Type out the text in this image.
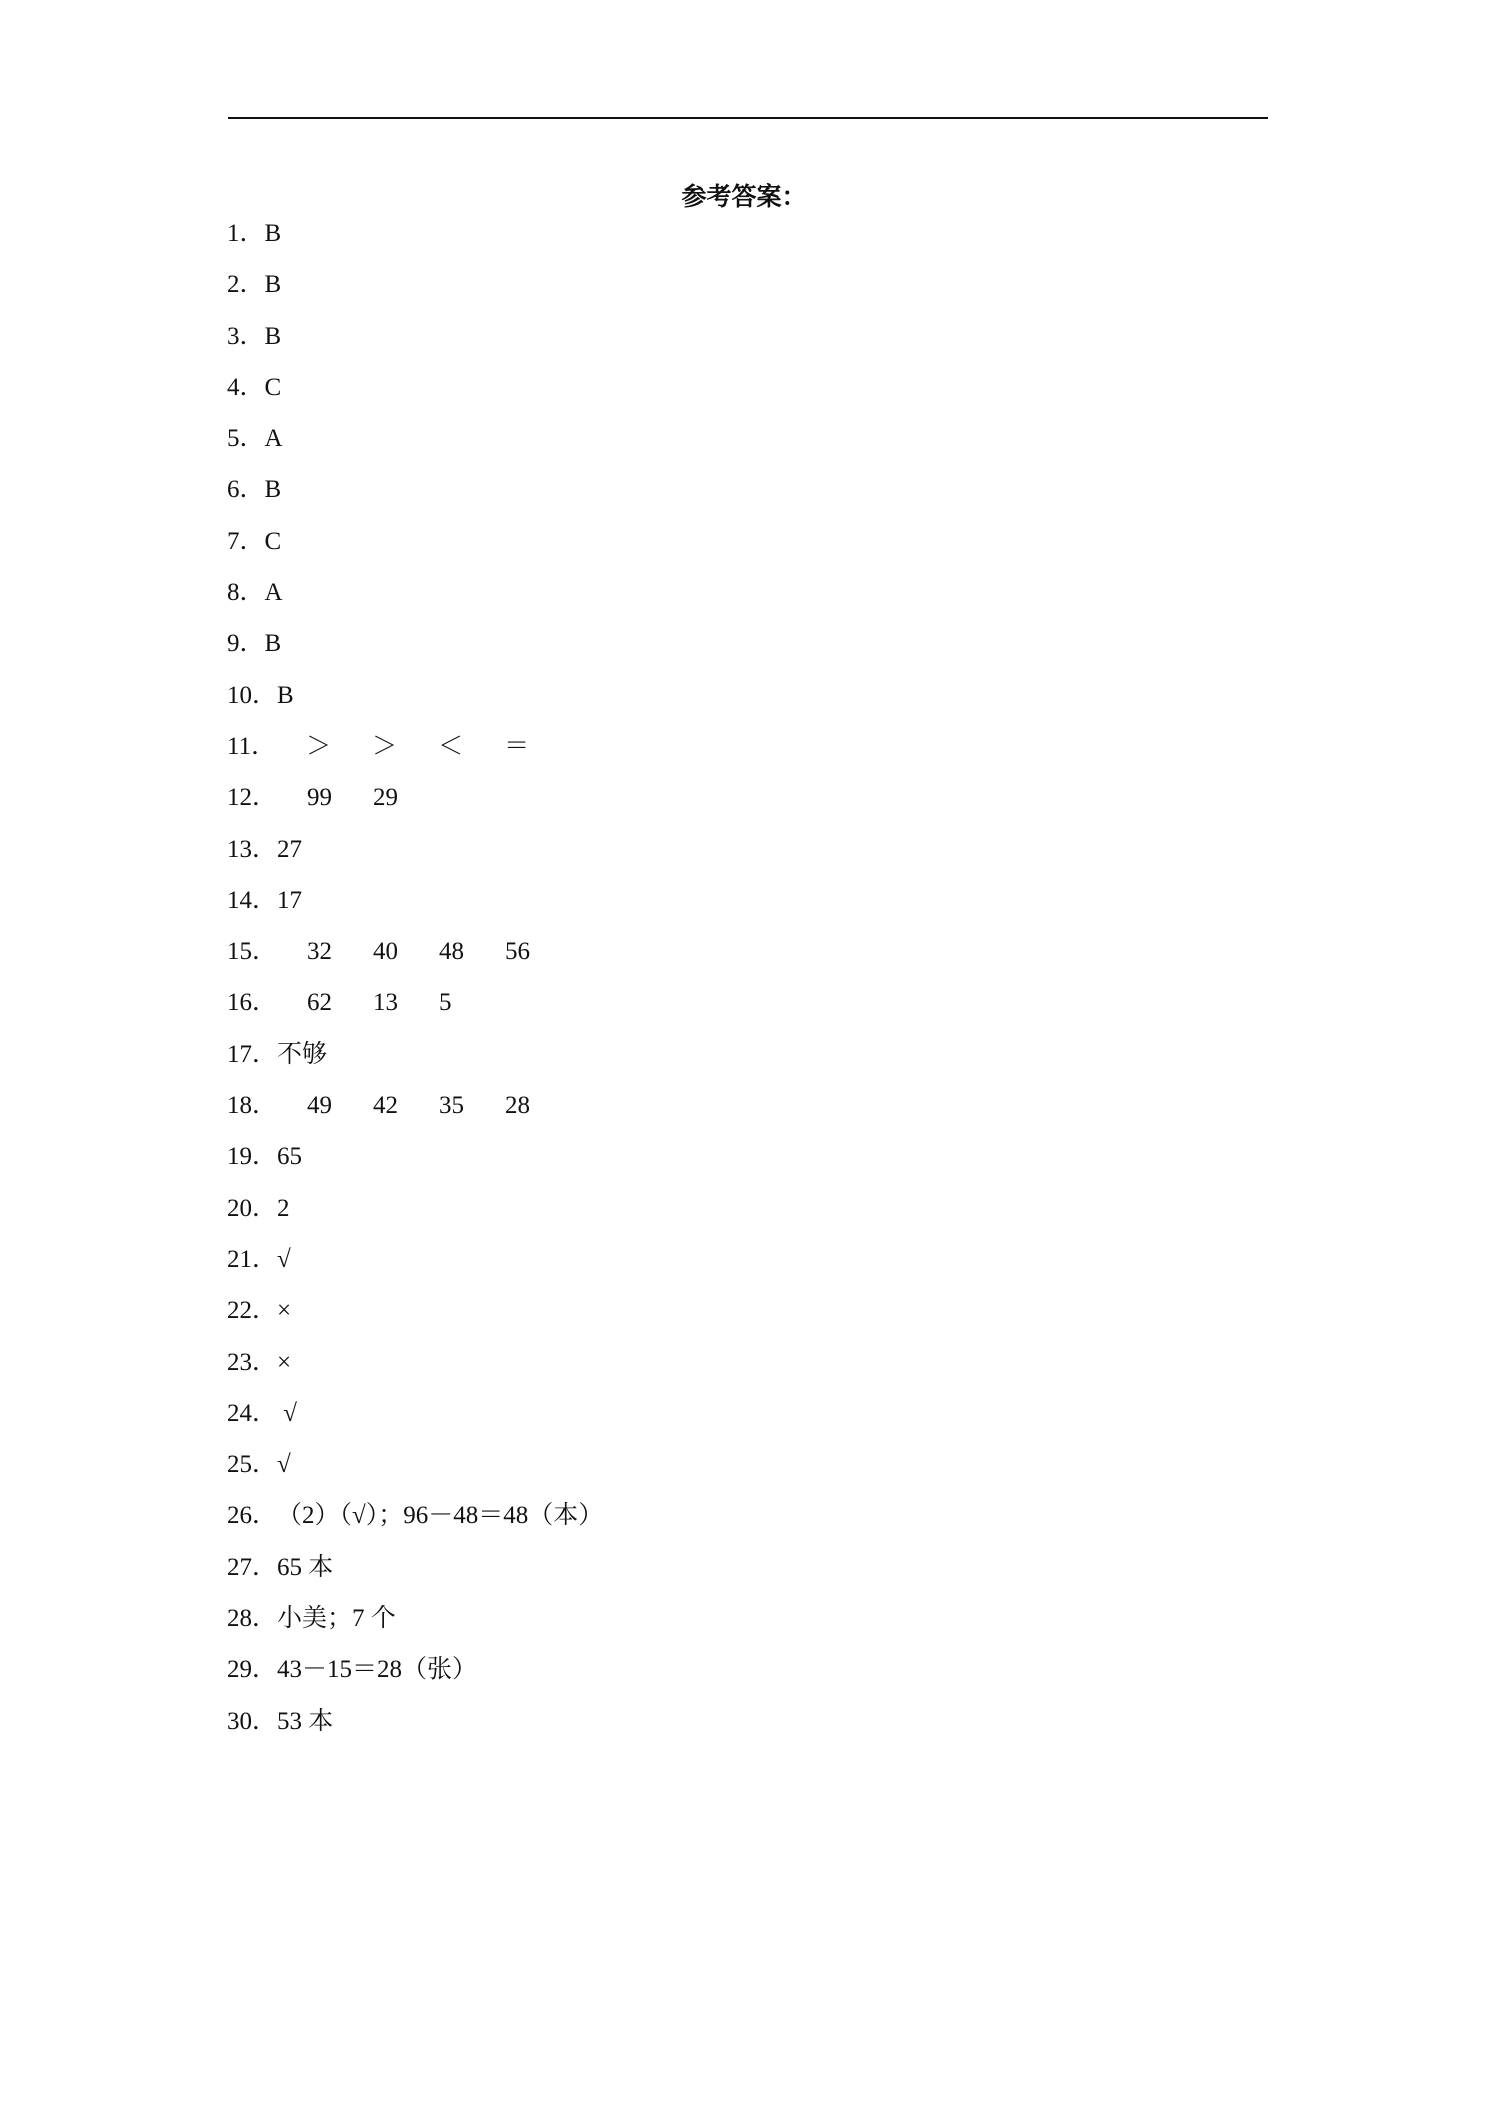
参考答案：
1．B
2．B
3．B
4．C
5．A
6．B
7．C
8．A
9．B
10．B
11． ＞ ＞ ＜ ＝
12． 99 29
13．27
14．17
15． 32 40 48 56
16． 62 13 5
17．不够
18． 49 42 35 28
19．65
20．2
21．√
22．×
23．×
24． √
25．√
26．（2）（√）；96－48＝48（本）
27．65 本
28．小美；7 个
29．43－15＝28（张）
30．53 本
